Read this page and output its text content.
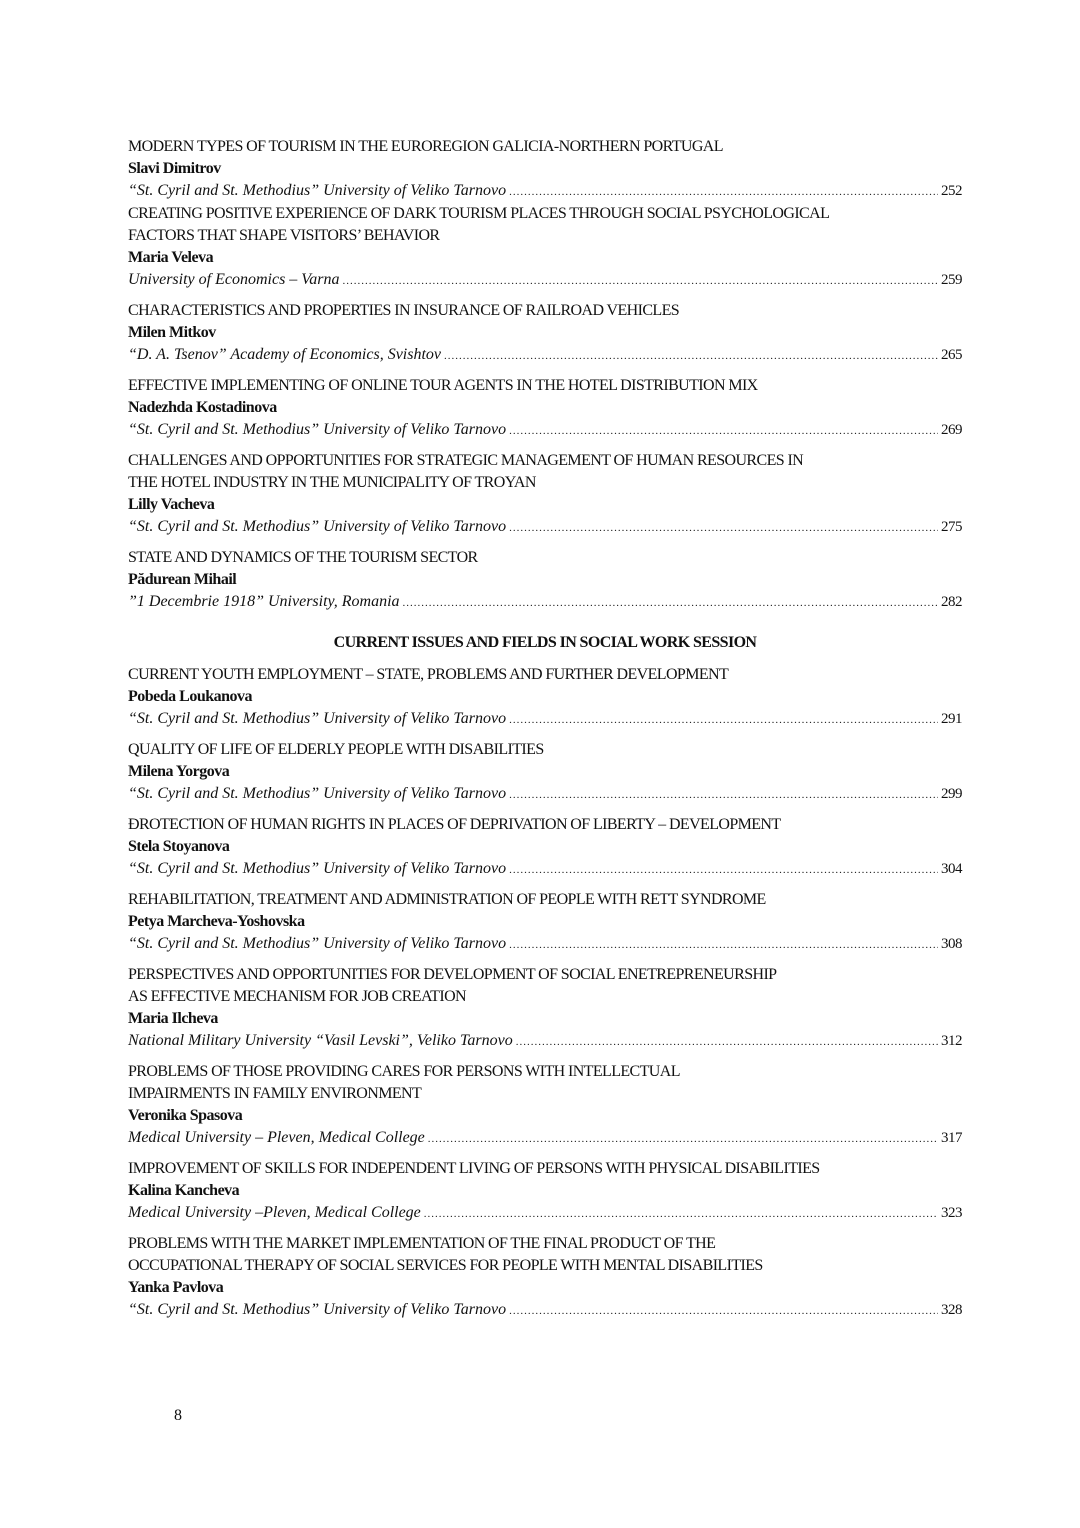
MODERN TYPES OF TOURISM IN THE EUROREGION GALICIA-NORTHERN PORTUGAL
Slavi Dimitrov
“St. Cyril and St. Methodius” University of Veliko Tarnovo .....	252
CREATING POSITIVE EXPERIENCE OF DARK TOURISM PLACES THROUGH SOCIAL PSYCHOLOGICAL
FACTORS THAT SHAPE VISITORS’ BEHAVIOR
Maria Veleva
University of Economics – Varna .....	259
CHARACTERISTICS AND PROPERTIES IN INSURANCE OF RAILROAD VEHICLES
Milen Mitkov
“D. A. Tsenov” Academy of Economics, Svishtov .....	265
EFFECTIVE IMPLEMENTING OF ONLINE TOUR AGENTS IN THE HOTEL DISTRIBUTION MIX
Nadezhda Kostadinova
“St. Cyril and St. Methodius” University of Veliko Tarnovo .....	269
CHALLENGES AND OPPORTUNITIES FOR STRATEGIC MANAGEMENT OF HUMAN RESOURCES IN
THE HOTEL INDUSTRY IN THE MUNICIPALITY OF TROYAN
Lilly Vacheva
“St. Cyril and St. Methodius” University of Veliko Tarnovo .....	275
STATE AND DYNAMICS OF THE TOURISM SECTOR
Pădurean Mihail
”1 Decembrie 1918” University, Romania .....	282
CURRENT ISSUES AND FIELDS IN SOCIAL WORK SESSION
CURRENT YOUTH EMPLOYMENT – STATE, PROBLEMS AND FURTHER DEVELOPMENT
Pobeda Loukanova
“St. Cyril and St. Methodius” University of Veliko Tarnovo .....	291
QUALITY OF LIFE OF ELDERLY PEOPLE WITH DISABILITIES
Milena Yorgova
“St. Cyril and St. Methodius” University of Veliko Tarnovo .....	299
ÐROTECTION OF HUMAN RIGHTS IN PLACES OF DEPRIVATION OF LIBERTY – DEVELOPMENT
Stela Stoyanova
“St. Cyril and St. Methodius” University of Veliko Tarnovo .....	304
REHABILITATION, TREATMENT AND ADMINISTRATION OF PEOPLE WITH RETT SYNDROME
Petya Marcheva-Yoshovska
“St. Cyril and St. Methodius” University of Veliko Tarnovo .....	308
PERSPECTIVES AND OPPORTUNITIES FOR DEVELOPMENT OF SOCIAL ENETREPRENEURSHIP
AS EFFECTIVE MECHANISM FOR JOB CREATION
Maria Ilcheva
National Military University “Vasil Levski”, Veliko Tarnovo .....	312
PROBLEMS OF THOSE PROVIDING CARES FOR PERSONS WITH INTELLECTUAL
IMPAIRMENTS IN FAMILY ENVIRONMENT
Veronika Spasova
Medical University – Pleven, Medical College .....	317
IMPROVEMENT OF SKILLS FOR INDEPENDENT LIVING OF PERSONS WITH PHYSICAL DISABILITIES
Kalina Kancheva
Medical University –Pleven, Medical College .....	323
PROBLEMS WITH THE MARKET IMPLEMENTATION OF THE FINAL PRODUCT OF THE
OCCUPATIONAL THERAPY OF SOCIAL SERVICES FOR PEOPLE WITH MENTAL DISABILITIES
Yanka Pavlova
“St. Cyril and St. Methodius” University of Veliko Tarnovo .....	328
8
